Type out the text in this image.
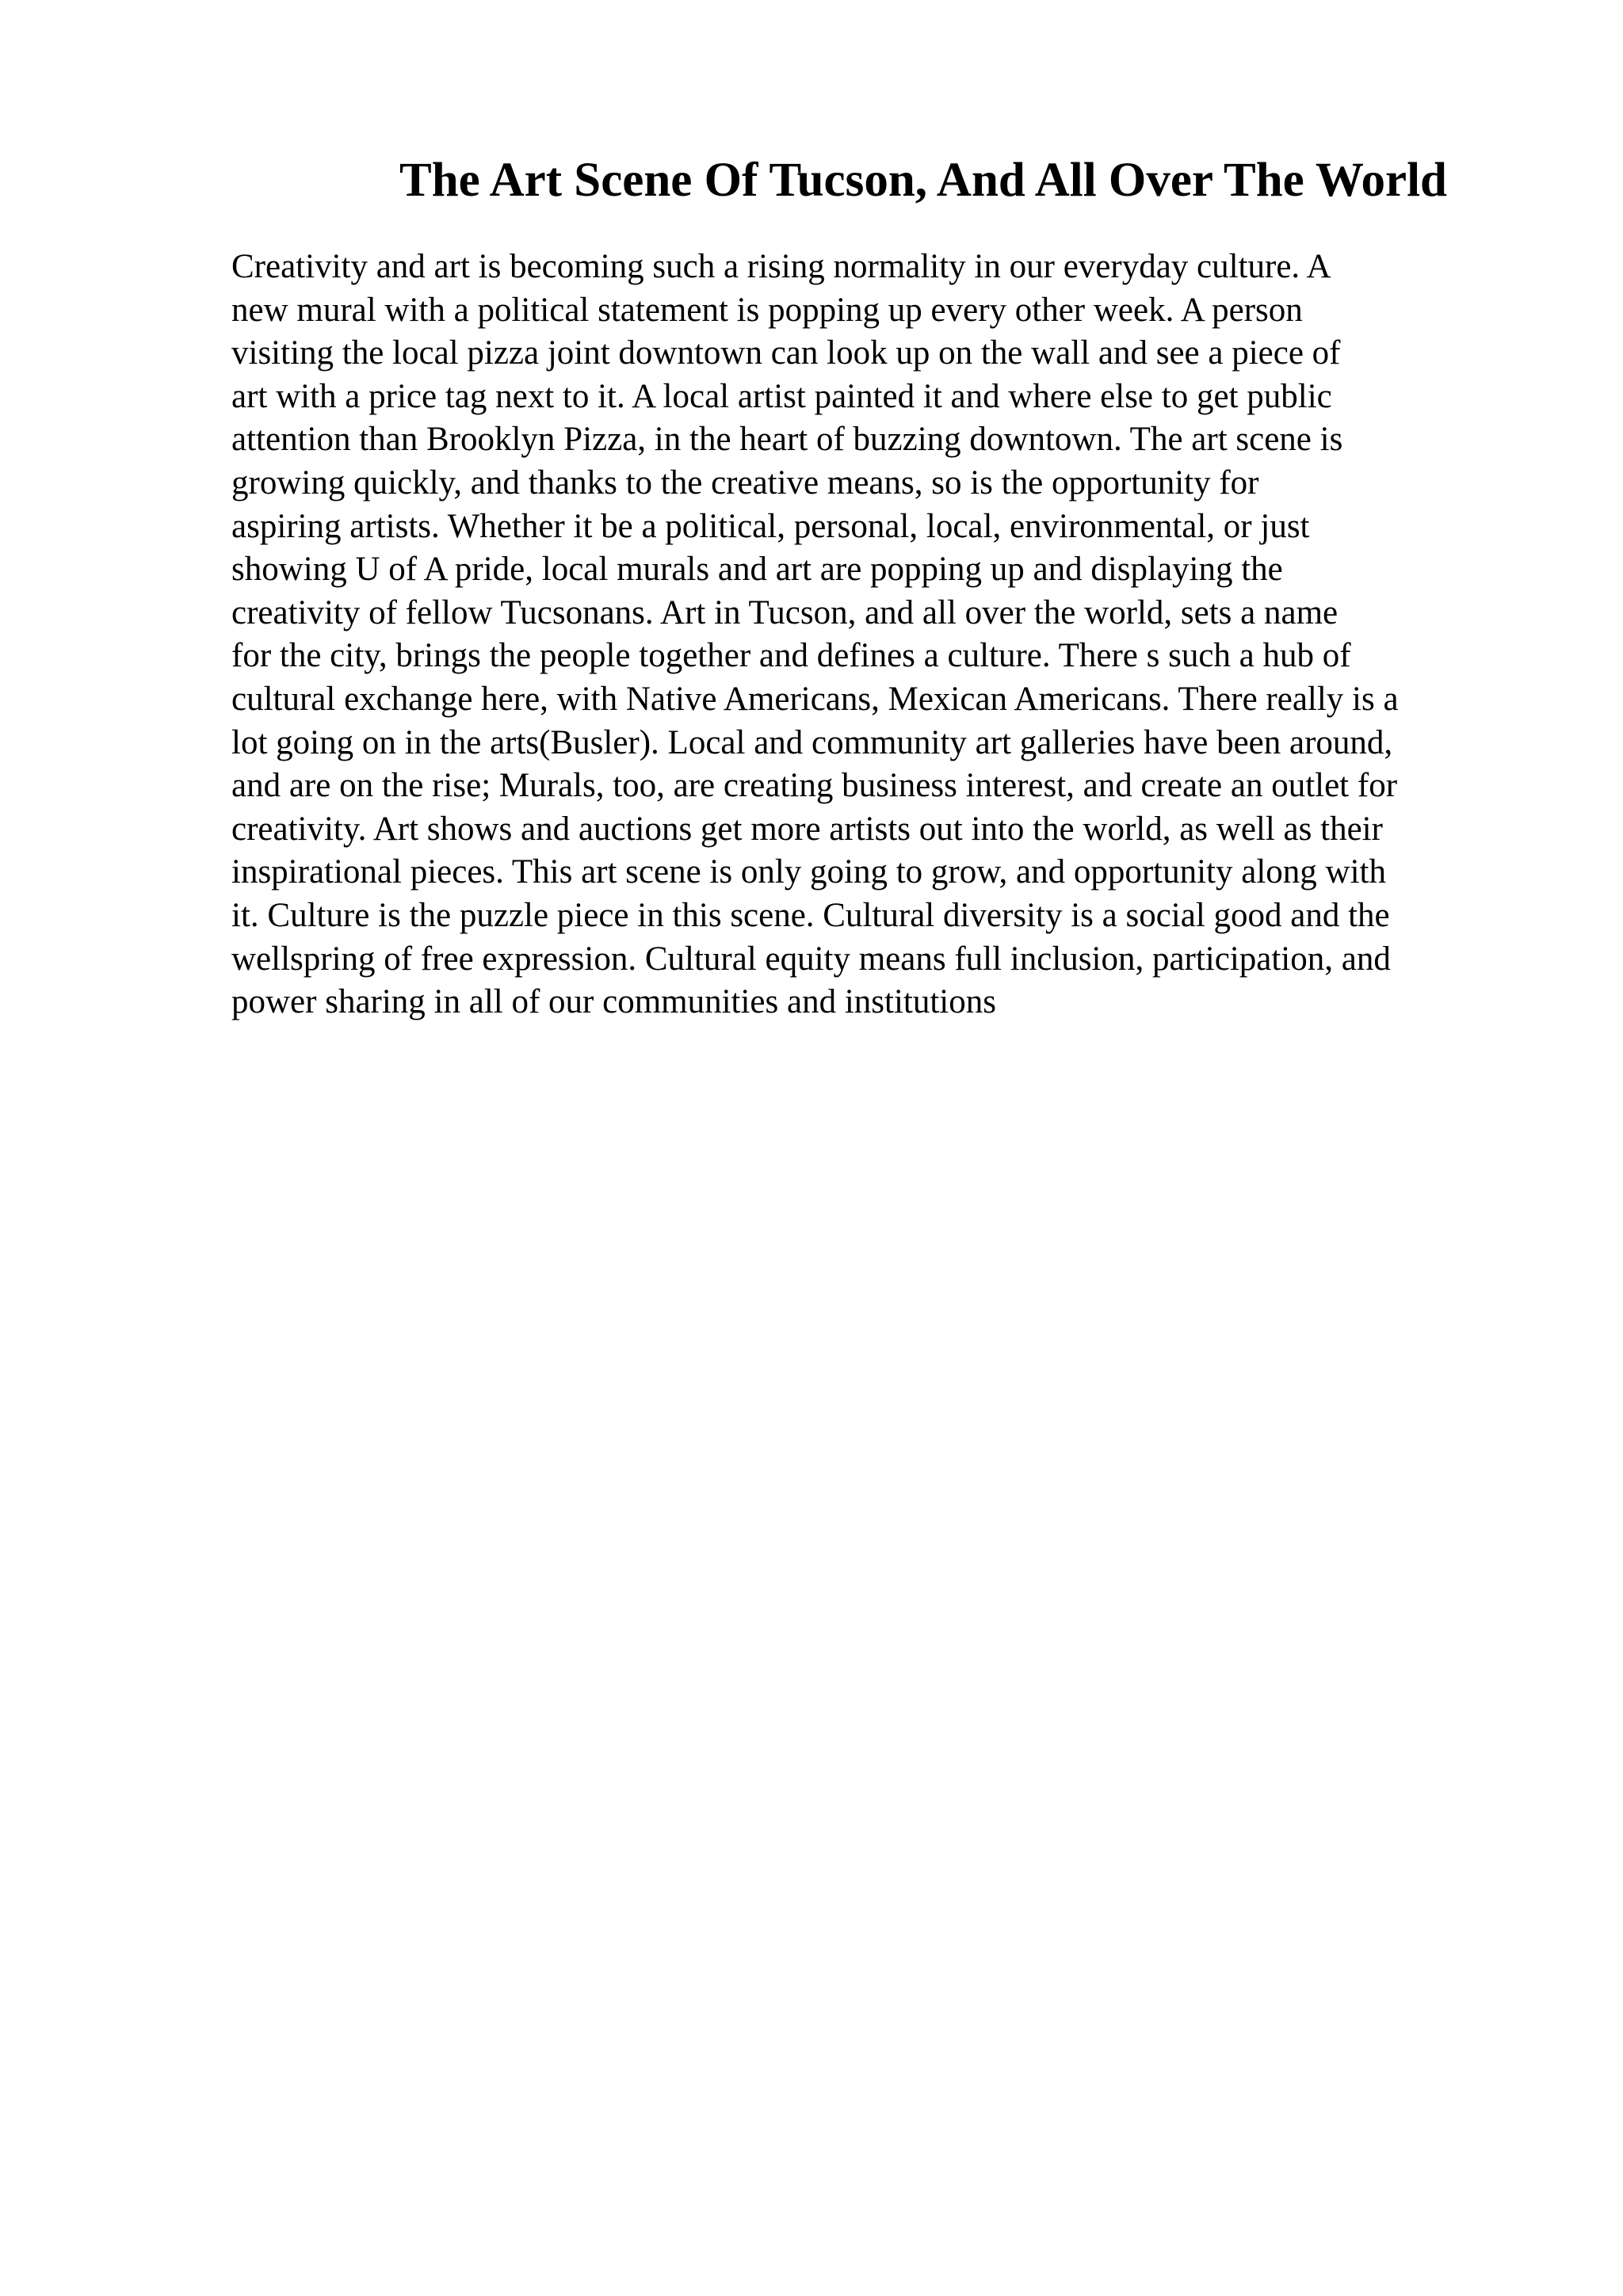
The Art Scene Of Tucson, And All Over The World
Creativity and art is becoming such a rising normality in our everyday culture. A
new mural with a political statement is popping up every other week. A person
visiting the local pizza joint downtown can look up on the wall and see a piece of
art with a price tag next to it. A local artist painted it and where else to get public
attention than Brooklyn Pizza, in the heart of buzzing downtown. The art scene is
growing quickly, and thanks to the creative means, so is the opportunity for
aspiring artists. Whether it be a political, personal, local, environmental, or just
showing U of A pride, local murals and art are popping up and displaying the
creativity of fellow Tucsonans. Art in Tucson, and all over the world, sets a name
for the city, brings the people together and defines a culture. There s such a hub of
cultural exchange here, with Native Americans, Mexican Americans. There really is a
lot going on in the arts(Busler). Local and community art galleries have been around,
and are on the rise; Murals, too, are creating business interest, and create an outlet for
creativity. Art shows and auctions get more artists out into the world, as well as their
inspirational pieces. This art scene is only going to grow, and opportunity along with
it. Culture is the puzzle piece in this scene. Cultural diversity is a social good and the
wellspring of free expression. Cultural equity means full inclusion, participation, and
power sharing in all of our communities and institutions
